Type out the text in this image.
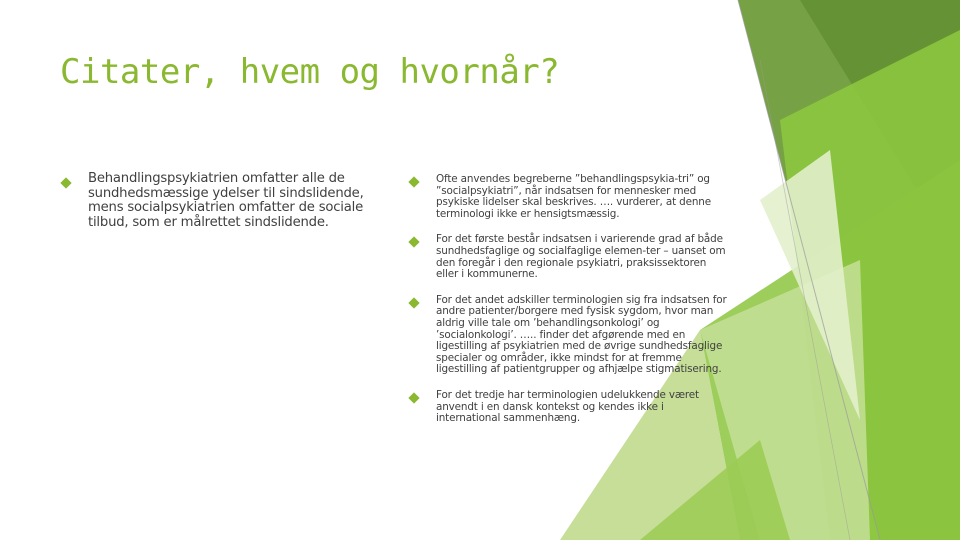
Citater, hvem og hvornår?
Behandlingspsykiatrien omfatter alle de sundhedsmæssige ydelser til sindslidende, mens socialpsykiatrien omfatter de sociale tilbud, som er målrettet sindslidende.
Ofte anvendes begreberne ”behandlingspsykia-tri” og ”socialpsykiatri”, når indsatsen for mennesker med psykiske lidelser skal beskrives. …. vurderer, at denne terminologi ikke er hensigtsmæssig.
For det første består indsatsen i varierende grad af både sundhedsfaglige og socialfaglige elemen-ter – uanset om den foregår i den regionale psykiatri, praksissektoren eller i kommunerne.
For det andet adskiller terminologien sig fra indsatsen for andre patienter/borgere med fysisk sygdom, hvor man aldrig ville tale om ’behandlingsonkologi’ og ’socialonkologi’. ….. finder det afgørende med en ligestilling af psykiatrien med de øvrige sundhedsfaglige specialer og områder, ikke mindst for at fremme ligestilling af patientgrupper og afhjælpe stigmatisering.
For det tredje har terminologien udelukkende været anvendt i en dansk kontekst og kendes ikke i international sammenhæng.
